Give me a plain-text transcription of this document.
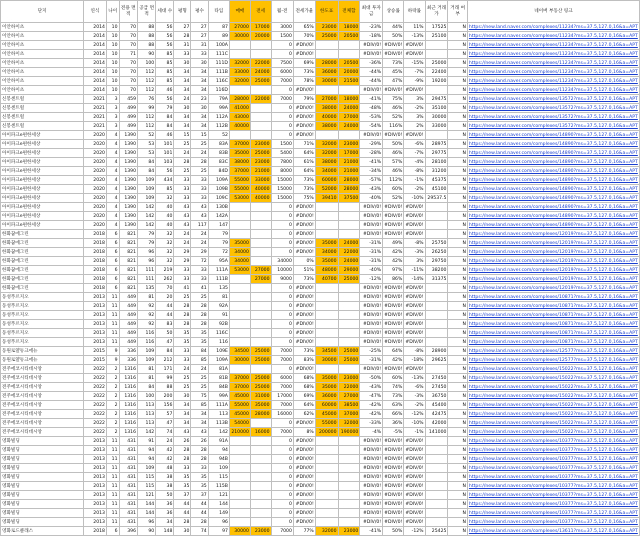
단지	연식	나이	전용 면적	공급 면적	세대 수	평형	평수	타입	매매	전세	월-전	전세가율	한도표	전체합	최대 투자금	상승률	하락률	최근 거래가	거래 여부	네이버 부동산 링크
이안하이츠	2014	10	70	88	56	27	27	87	27000	17000	3000	65%	23000	18000	-23%	44%	11%	17525	N	https://new.land.naver.com/complexes/11234?ms=37.5,127.0,16&a=APT
이안하이츠	2014	10	70	88	56	28	27	89	30000	20000	1500	70%	25000	20500	-18%	50%	-13%	25100	N	https://new.land.naver.com/complexes/11234?ms=37.5,127.0,16&a=APT
이안하이츠	2014	10	70	88	56	31	31	100A			0	#DIV/0!			#DIV/0!	#DIV/0!	#DIV/0!		N	https://new.land.naver.com/complexes/11234?ms=37.5,127.0,16&a=APT
이안하이츠	2014	10	71	90	85	33	33	111C			0	#DIV/0!			#DIV/0!	#DIV/0!	#DIV/0!		N	https://new.land.naver.com/complexes/11234?ms=37.5,127.0,16&a=APT
이안하이츠	2014	10	70	100	85	30	30	111D	32000	22000	7500	69%	28000	20500	-36%	73%	-15%	25000	N	https://new.land.naver.com/complexes/11234?ms=37.5,127.0,16&a=APT
이안하이츠	2014	10	70	112	85	34	34	111B	33000	24000	6000	73%	36000	20000	-44%	45%	-7%	22400	N	https://new.land.naver.com/complexes/11234?ms=37.5,127.0,16&a=APT
이안하이츠	2014	10	70	112	85	34	34	116C	32000	25000	7000	78%	30000	21500	-44%	47%	-9%	19200	N	https://new.land.naver.com/complexes/11234?ms=37.5,127.0,16&a=APT
이안하이츠	2014	10	70	112	46	34	34	116D			0	#DIV/0!			#DIV/0!	#DIV/0!	#DIV/0!		N	https://new.land.naver.com/complexes/11234?ms=37.5,127.0,16&a=APT
신봉센트럴	2021	3	459	76	56	24	23	79A	28000	22000	7000	79%	27000	18000	-41%	75%	3%	29475	N	https://new.land.naver.com/complexes/13572?ms=37.5,127.0,16&a=APT
신봉센트럴	2021	3	499	99	79	30	30	99A	41000		0	#DIV/0!	38000	24000	-48%	46%	-2%	35100	N	https://new.land.naver.com/complexes/13572?ms=37.5,127.0,16&a=APT
신봉센트럴	2021	3	499	112	84	34	34	112A	43000		0	#DIV/0!	40000	27000	-53%	52%	3%	30000	N	https://new.land.naver.com/complexes/13572?ms=37.5,127.0,16&a=APT
신봉센트럴	2021	3	499	112	84	34	34	112B	40000		0	#DIV/0!	38000	24000	-54%	116%	2%	33000	N	https://new.land.naver.com/complexes/13572?ms=37.5,127.0,16&a=APT
아이파크e편한세상	2020	4	1390	52	46	15	15	52			0	#DIV/0!			#DIV/0!	#DIV/0!	#DIV/0!		N	https://new.land.naver.com/complexes/14890?ms=37.5,127.0,16&a=APT
아이파크e편한세상	2020	4	1390	53	101	25	25	83A	37000	23000	1500	71%	32000	23000	-29%	50%	-6%	28975	N	https://new.land.naver.com/complexes/14890?ms=37.5,127.0,16&a=APT
아이파크e편한세상	2020	4	1390	53	101	24	24	83B	35000	25000	5400	64%	32000	17000	-28%	46%	-7%	29775	N	https://new.land.naver.com/complexes/14890?ms=37.5,127.0,16&a=APT
아이파크e편한세상	2020	4	1390	84	103	28	28	83C	38000	23000	7800	61%	38000	21000	-41%	57%	-4%	28100	N	https://new.land.naver.com/complexes/14890?ms=37.5,127.0,16&a=APT
아이파크e편한세상	2020	4	1390	84	56	25	25	84D	37000	21000	8000	64%	34000	21000	-34%	46%	-8%	31200	N	https://new.land.naver.com/complexes/14890?ms=37.5,127.0,16&a=APT
아이파크e편한세상	2020	4	1390	109	434	33	33	109A	55000	33000	15000	73%	60000	28000	-57%	112%	-1%	45375	N	https://new.land.naver.com/complexes/14890?ms=37.5,127.0,16&a=APT
아이파크e편한세상	2020	4	1390	109	85	33	33	109B	55000	40000	15000	73%	52000	28000	-43%	60%	-2%	45100	N	https://new.land.naver.com/complexes/14890?ms=37.5,127.0,16&a=APT
아이파크e편한세상	2020	4	1390	109	32	33	33	109C	53000	40000	15000	75%	39410	37500	-40%	52%	-10%	29537.5	N	https://new.land.naver.com/complexes/14890?ms=37.5,127.0,16&a=APT
아이파크e편한세상	2020	4	1390	142	40	43	43	130B			0	#DIV/0!			#DIV/0!	#DIV/0!	#DIV/0!		N	https://new.land.naver.com/complexes/14890?ms=37.5,127.0,16&a=APT
아이파크e편한세상	2020	4	1390	142	40	43	43	142A			0	#DIV/0!			#DIV/0!	#DIV/0!	#DIV/0!		N	https://new.land.naver.com/complexes/14890?ms=37.5,127.0,16&a=APT
아이파크e편한세상	2020	4	1390	142	40	43	117	147			0	#DIV/0!			#DIV/0!	#DIV/0!	#DIV/0!		N	https://new.land.naver.com/complexes/14890?ms=37.5,127.0,16&a=APT
한화꿈에그린	2018	6	821	79	32	24	24	79			0	#DIV/0!			#DIV/0!	#DIV/0!	#DIV/0!		N	https://new.land.naver.com/complexes/12019?ms=37.5,127.0,16&a=APT
한화꿈에그린	2018	6	821	79	32	24	24	79	35000		0	#DIV/0!	35000	24000	-31%	49%	-8%	25750	N	https://new.land.naver.com/complexes/12019?ms=37.5,127.0,16&a=APT
한화꿈에그린	2018	6	821	96	32	29	29	72	34000		0	#DIV/0!	34000	22000	-31%	42%	-3%	26250	N	https://new.land.naver.com/complexes/12019?ms=37.5,127.0,16&a=APT
한화꿈에그린	2018	6	821	96	32	29	72	95A	34000		34000	0%	35000	24000	-31%	42%	3%	29750	N	https://new.land.naver.com/complexes/12019?ms=37.5,127.0,16&a=APT
한화꿈에그린	2018	6	821	111	219	33	33	111A	53000	27000	10000	51%	48000	29000	-40%	97%	-11%	38200	N	https://new.land.naver.com/complexes/12019?ms=37.5,127.0,16&a=APT
한화꿈에그린	2018	6	821	111	262	33	33	111B		27000	9000	73%	40700	25000	-12%	86%	-14%	31375	N	https://new.land.naver.com/complexes/12019?ms=37.5,127.0,16&a=APT
한화꿈에그린	2018	6	821	135	70	41	41	135			0	#DIV/0!			#DIV/0!	#DIV/0!	#DIV/0!		N	https://new.land.naver.com/complexes/12019?ms=37.5,127.0,16&a=APT
동성푸르지오	2013	11	449	81	20	25	25	81			0	#DIV/0!			#DIV/0!	#DIV/0!	#DIV/0!		N	https://new.land.naver.com/complexes/10871?ms=37.5,127.0,16&a=APT
동성푸르지오	2013	11	449	92	44	28	28	92A			0	#DIV/0!			#DIV/0!	#DIV/0!	#DIV/0!		N	https://new.land.naver.com/complexes/10871?ms=37.5,127.0,16&a=APT
동성푸르지오	2013	11	449	92	44	28	28	91			0	#DIV/0!			#DIV/0!	#DIV/0!	#DIV/0!		N	https://new.land.naver.com/complexes/10871?ms=37.5,127.0,16&a=APT
동성푸르지오	2013	11	449	92	83	28	28	92B			0	#DIV/0!			#DIV/0!	#DIV/0!	#DIV/0!		N	https://new.land.naver.com/complexes/10871?ms=37.5,127.0,16&a=APT
동성푸르지오	2013	11	449	116	50	35	35	116C			0	#DIV/0!			#DIV/0!	#DIV/0!	#DIV/0!		N	https://new.land.naver.com/complexes/10871?ms=37.5,127.0,16&a=APT
동성푸르지오	2013	11	449	116	47	35	35	116			0	#DIV/0!			#DIV/0!	#DIV/0!	#DIV/0!		N	https://new.land.naver.com/complexes/10871?ms=37.5,127.0,16&a=APT
동원로얄듀크에뉴	2015	9	336	109	84	33	84	109E	34500	25000	7000	73%	34500	25000	-25%	64%	-8%	28900	N	https://new.land.naver.com/complexes/12577?ms=37.5,127.0,16&a=APT
동원로얄듀크에뉴	2015	9	336	109	212	33	85	109A	30000	25000	7000	83%	30000	25000	-31%	42%	-18%	29625	N	https://new.land.naver.com/complexes/12577?ms=37.5,127.0,16&a=APT
전주에코시티데시앙	2022	2	1316	81	171	24	24	81A			0	#DIV/0!			#DIV/0!	#DIV/0!	#DIV/0!		N	https://new.land.naver.com/complexes/15022?ms=37.5,127.0,16&a=APT
전주에코시티데시앙	2022	2	1316	81	99	25	25	81B	37000	25000	6000	68%	35000	23000	-50%	60%	-13%	27450	N	https://new.land.naver.com/complexes/15022?ms=37.5,127.0,16&a=APT
전주에코시티데시앙	2022	2	1316	84	88	25	25	84B	37000	25000	7000	68%	35000	22000	-43%	74%	-6%	27450	N	https://new.land.naver.com/complexes/15022?ms=37.5,127.0,16&a=APT
전주에코시티데시앙	2022	2	1316	100	200	30	75	99A	45000	31000	17000	69%	36000	27000	-47%	73%	-3%	36750	N	https://new.land.naver.com/complexes/15022?ms=37.5,127.0,16&a=APT
전주에코시티데시앙	2022	2	1316	113	156	34	85	111A	55000	35000	7000	64%	60000	38500	-42%	63%	-2%	45400	N	https://new.land.naver.com/complexes/15022?ms=37.5,127.0,16&a=APT
전주에코시티데시앙	2022	2	1316	113	57	34	34	113	45000	28000	16000	62%	45000	37000	-42%	66%	-12%	42475	N	https://new.land.naver.com/complexes/15022?ms=37.5,127.0,16&a=APT
전주에코시티데시앙	2022	2	1316	113	47	34	34	113B	54000		0	#DIV/0!	55000	32000	-33%	36%	-10%	42000	N	https://new.land.naver.com/complexes/15022?ms=37.5,127.0,16&a=APT
전주에코시티데시앙	2022	2	1316	142	74	43	43	142	210000	16000	7000	8%	200000	190000	-4%	-5%	-1%	141000	N	https://new.land.naver.com/complexes/15022?ms=37.5,127.0,16&a=APT
영화빌딩	2013	11	431	91	24	26	26	91A			0	#DIV/0!			#DIV/0!	#DIV/0!	#DIV/0!		N	https://new.land.naver.com/complexes/10377?ms=37.5,127.0,16&a=APT
영화빌딩	2013	11	431	94	42	28	28	94			0	#DIV/0!			#DIV/0!	#DIV/0!	#DIV/0!		N	https://new.land.naver.com/complexes/10377?ms=37.5,127.0,16&a=APT
영화빌딩	2013	11	431	94	42	28	28	94B			0	#DIV/0!			#DIV/0!	#DIV/0!	#DIV/0!		N	https://new.land.naver.com/complexes/10377?ms=37.5,127.0,16&a=APT
영화빌딩	2013	11	431	109	48	33	33	109			0	#DIV/0!			#DIV/0!	#DIV/0!	#DIV/0!		N	https://new.land.naver.com/complexes/10377?ms=37.5,127.0,16&a=APT
영화빌딩	2013	11	431	115	38	35	35	115			0	#DIV/0!			#DIV/0!	#DIV/0!	#DIV/0!		N	https://new.land.naver.com/complexes/10377?ms=37.5,127.0,16&a=APT
영화빌딩	2013	11	431	115	38	35	35	115B			0	#DIV/0!			#DIV/0!	#DIV/0!	#DIV/0!		N	https://new.land.naver.com/complexes/10377?ms=37.5,127.0,16&a=APT
영화빌딩	2013	11	431	121	50	37	37	121			0	#DIV/0!			#DIV/0!	#DIV/0!	#DIV/0!		N	https://new.land.naver.com/complexes/10377?ms=37.5,127.0,16&a=APT
영화빌딩	2013	11	431	144	36	44	44	144			0	#DIV/0!			#DIV/0!	#DIV/0!	#DIV/0!		N	https://new.land.naver.com/complexes/10377?ms=37.5,127.0,16&a=APT
영화빌딩	2013	11	431	144	36	44	44	149			0	#DIV/0!			#DIV/0!	#DIV/0!	#DIV/0!		N	https://new.land.naver.com/complexes/10377?ms=37.5,127.0,16&a=APT
영화빌딩	2013	11	431	96	34	28	28	96			0	#DIV/0!			#DIV/0!	#DIV/0!	#DIV/0!		N	https://new.land.naver.com/complexes/10377?ms=37.5,127.0,16&a=APT
영화로드클래스	2018	6	396	90	148	30	74	97	30000	23000	7000	77%	32000	23000	-41%	50%	-12%	25425	N	https://new.land.naver.com/complexes/13611?ms=37.5,127.0,16&a=APT
